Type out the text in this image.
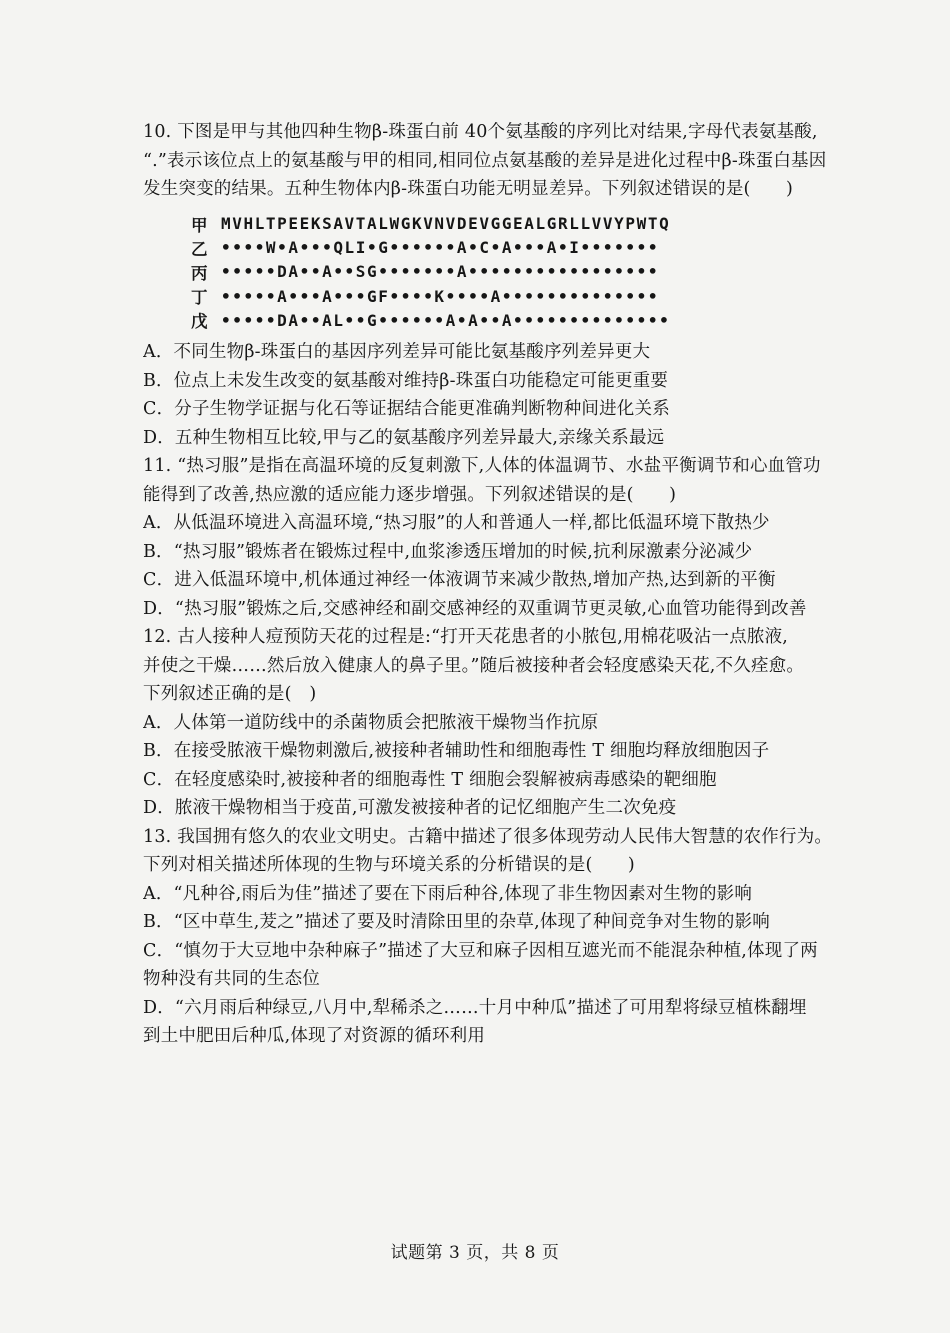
10. 下图是甲与其他四种生物β-珠蛋白前 40个氨基酸的序列比对结果,字母代表氨基酸,
“.”表示该位点上的氨基酸与甲的相同,相同位点氨基酸的差异是进化过程中β-珠蛋白基因
发生突变的结果。五种生物体内β-珠蛋白功能无明显差异。下列叙述错误的是(　　)
甲 MVHLTPEEKSAVTALWGKVNVDEVGGEALGRLLVVYPWTQ
乙 ••••W•A•••QLI•G••••••A•C•A•••A•I•••••••
丙 •••••DA••A••SG•••••••A•••••••••••••••••
丁 •••••A•••A•••GF••••K••••A••••••••••••••
戊 •••••DA••AL••G••••••A•A••A••••••••••••••
A．不同生物β-珠蛋白的基因序列差异可能比氨基酸序列差异更大
B．位点上未发生改变的氨基酸对维持β-珠蛋白功能稳定可能更重要
C．分子生物学证据与化石等证据结合能更准确判断物种间进化关系
D．五种生物相互比较,甲与乙的氨基酸序列差异最大,亲缘关系最远
11. “热习服”是指在高温环境的反复刺激下,人体的体温调节、水盐平衡调节和心血管功
能得到了改善,热应激的适应能力逐步增强。下列叙述错误的是(　　)
A．从低温环境进入高温环境,“热习服”的人和普通人一样,都比低温环境下散热少
B．“热习服”锻炼者在锻炼过程中,血浆渗透压增加的时候,抗利尿激素分泌减少
C．进入低温环境中,机体通过神经一体液调节来减少散热,增加产热,达到新的平衡
D．“热习服”锻炼之后,交感神经和副交感神经的双重调节更灵敏,心血管功能得到改善
12. 古人接种人痘预防天花的过程是:“打开天花患者的小脓包,用棉花吸沾一点脓液,
并使之干燥……然后放入健康人的鼻子里。”随后被接种者会轻度感染天花,不久痊愈。
下列叙述正确的是(　)
A．人体第一道防线中的杀菌物质会把脓液干燥物当作抗原
B．在接受脓液干燥物刺激后,被接种者辅助性和细胞毒性 T 细胞均释放细胞因子
C．在轻度感染时,被接种者的细胞毒性 T 细胞会裂解被病毒感染的靶细胞
D．脓液干燥物相当于疫苗,可激发被接种者的记忆细胞产生二次免疫
13. 我国拥有悠久的农业文明史。古籍中描述了很多体现劳动人民伟大智慧的农作行为。
下列对相关描述所体现的生物与环境关系的分析错误的是(　　)
A．“凡种谷,雨后为佳”描述了要在下雨后种谷,体现了非生物因素对生物的影响
B．“区中草生,茇之”描述了要及时清除田里的杂草,体现了种间竞争对生物的影响
C．“慎勿于大豆地中杂种麻子”描述了大豆和麻子因相互遮光而不能混杂种植,体现了两
物种没有共同的生态位
D．“六月雨后种绿豆,八月中,犁稀杀之……十月中种瓜”描述了可用犁将绿豆植株翻埋
到土中肥田后种瓜,体现了对资源的循环利用
试题第 3 页，共 8 页
